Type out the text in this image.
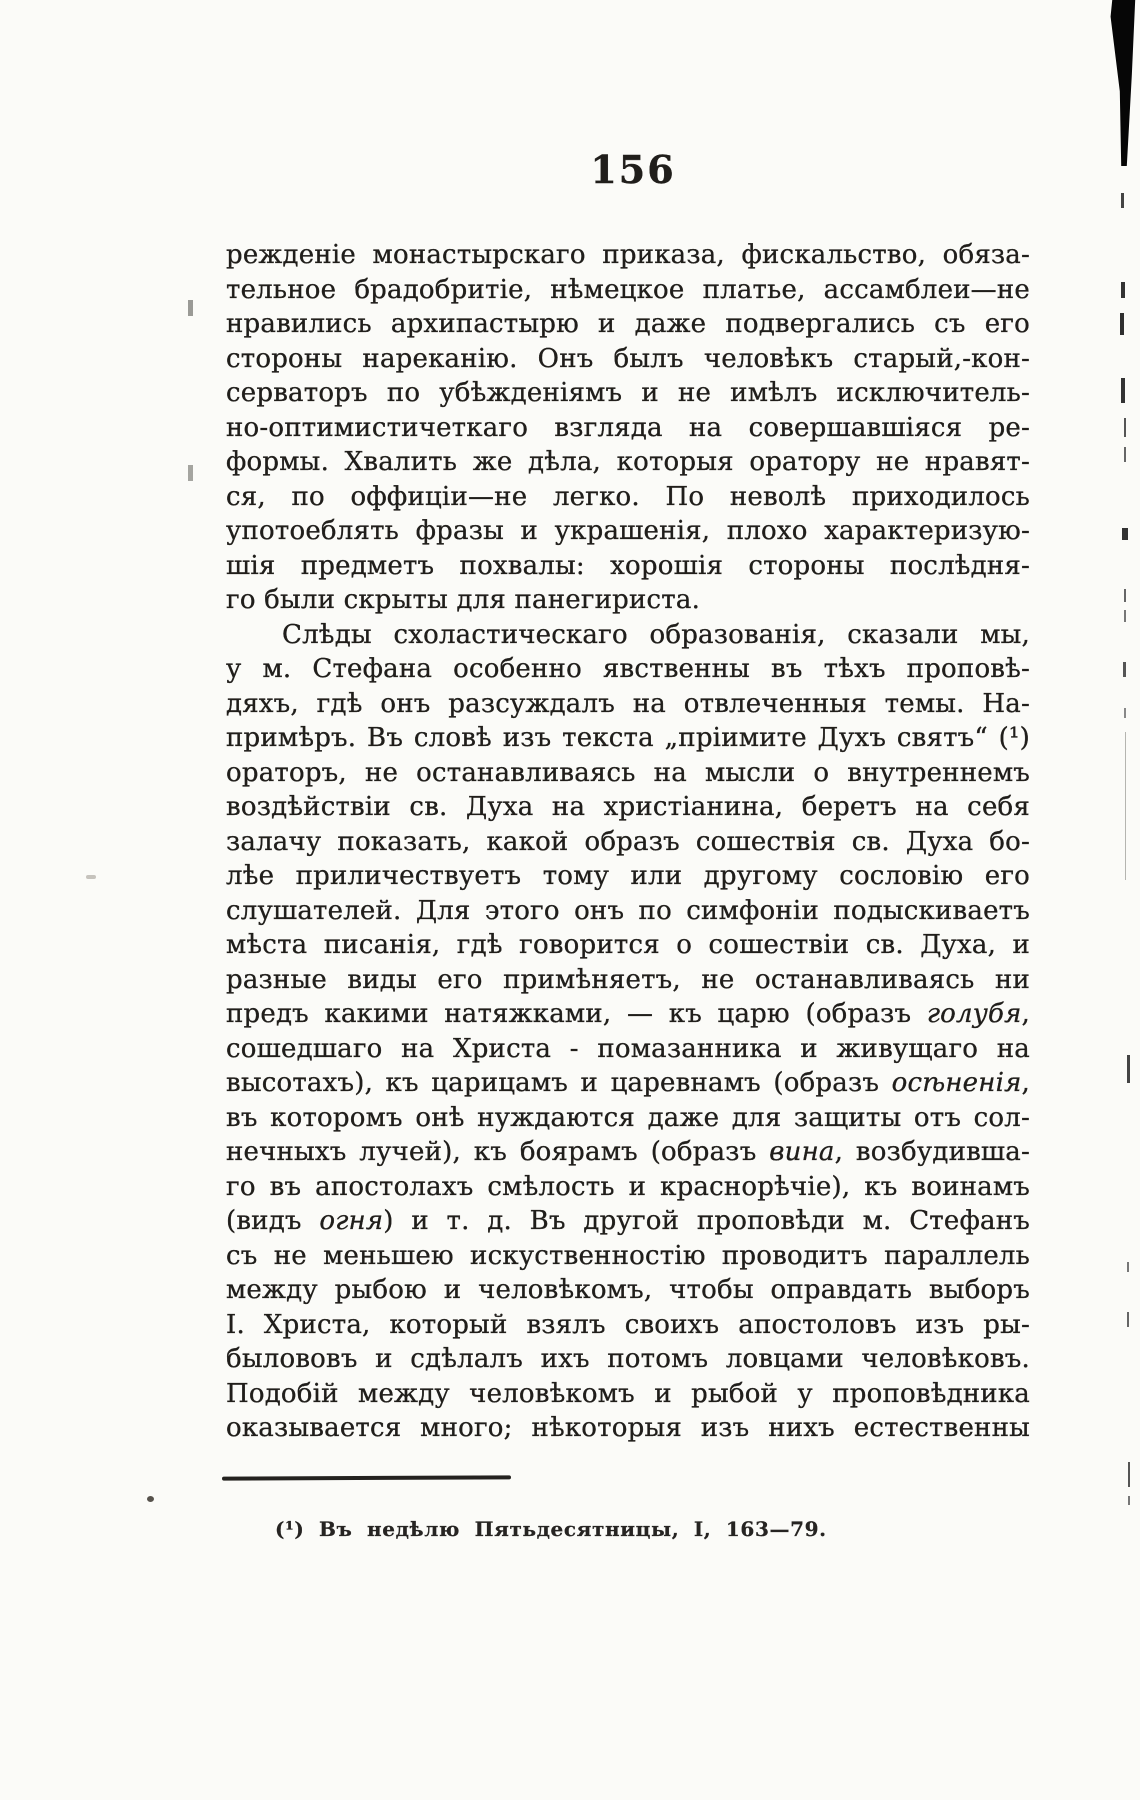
156
режденіе монастырскаго приказа, фискальство, обяза-
тельное брадобритіе, нѣмецкое платье, ассамблеи—не
нравились архипастырю и даже подвергались съ его
стороны нареканію. Онъ былъ человѣкъ старый,-кон-
серваторъ по убѣжденіямъ и не имѣлъ исключитель-
но-оптимистичеткаго взгляда на совершавшіяся ре-
формы. Хвалить же дѣла, которыя оратору не нравят-
ся, по оффиціи—не легко. По неволѣ приходилось
употоеблять фразы и украшенія, плохо характеризую-
шія предметъ похвалы: хорошія стороны послѣдня-
го были скрыты для панегириста.
Слѣды схоластическаго образованія, сказали мы,
у м. Стефана особенно явственны въ тѣхъ проповѣ-
дяхъ, гдѣ онъ разсуждалъ на отвлеченныя темы. На-
примѣръ. Въ словѣ изъ текста „пріимите Духъ святъ“ (¹)
ораторъ, не останавливаясь на мысли о внутреннемъ
воздѣйствіи св. Духа на христіанина, беретъ на себя
залачу показать, какой образъ сошествія св. Духа бо-
лѣе приличествуетъ тому или другому сословію его
слушателей. Для этого онъ по симфоніи подыскиваетъ
мѣста писанія, гдѣ говорится о сошествіи св. Духа, и
разные виды его примѣняетъ, не останавливаясь ни
предъ какими натяжками, — къ царю (образъ голубя,
сошедшаго на Христа - помазанника и живущаго на
высотахъ), къ царицамъ и царевнамъ (образъ осѣненія,
въ которомъ онѣ нуждаются даже для защиты отъ сол-
нечныхъ лучей), къ боярамъ (образъ вина, возбудивша-
го въ апостолахъ смѣлость и краснорѣчіе), къ воинамъ
(видъ огня) и т. д. Въ другой проповѣди м. Стефанъ
съ не меньшею искуственностію проводитъ параллель
между рыбою и человѣкомъ, чтобы оправдать выборъ
І. Христа, который взялъ своихъ апостоловъ изъ ры-
былововъ и сдѣлалъ ихъ потомъ ловцами человѣковъ.
Подобій между человѣкомъ и рыбой у проповѣдника
оказывается много; нѣкоторыя изъ нихъ естественны
(¹) Въ недѣлю Пятьдесятницы, I, 163—79.
